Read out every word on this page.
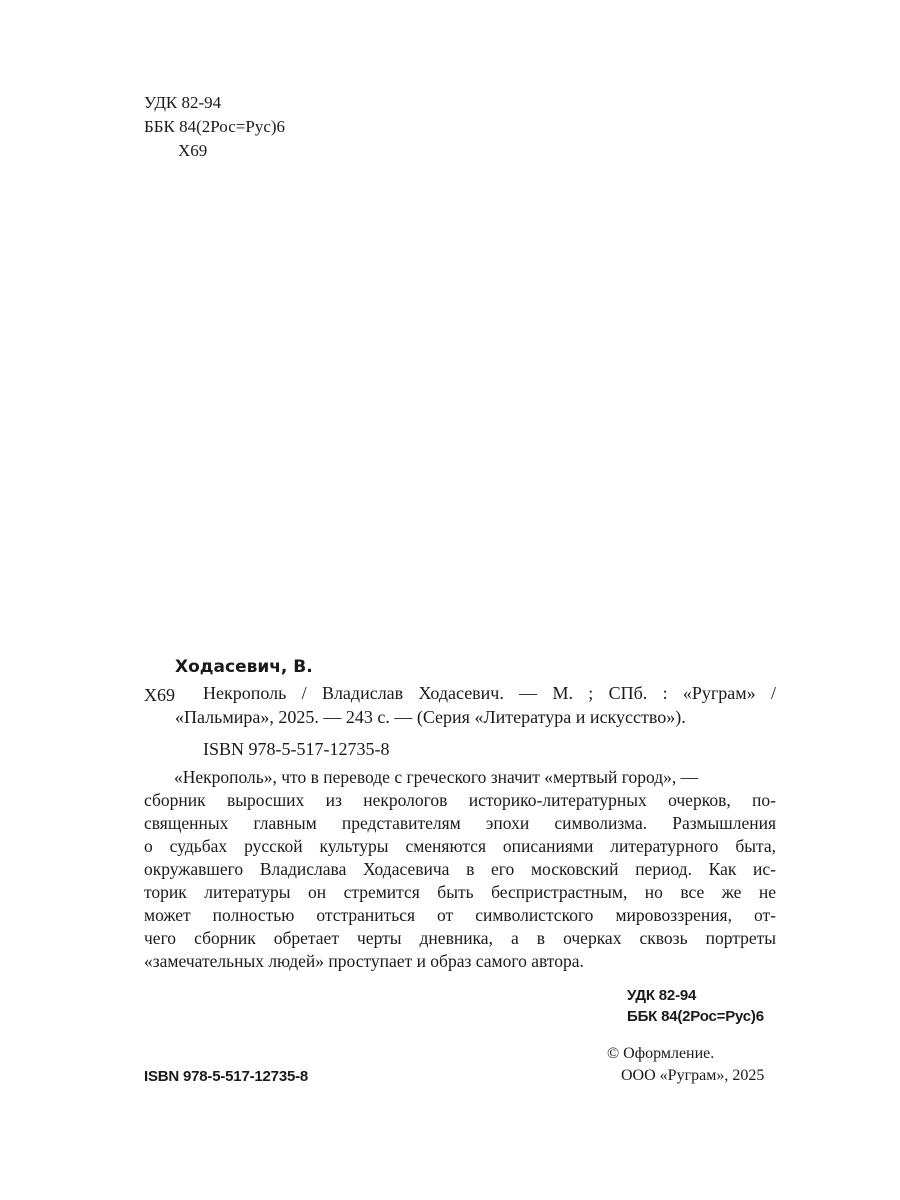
УДК 82-94
ББК 84(2Рос=Рус)6
Х69
Ходасевич, В.
Х69 Некрополь / Владислав Ходасевич. — М. ; СПб. : «Руграм» /
«Пальмира», 2025. — 243 с. — (Серия «Литература и искусство»).
ISBN 978-5-517-12735-8
«Некрополь», что в переводе с греческого значит «мертвый город», —
сборник выросших из некрологов историко-литературных очерков, по-
священных главным представителям эпохи символизма. Размышления
о судьбах русской культуры сменяются описаниями литературного быта,
окружавшего Владислава Ходасевича в его московский период. Как ис-
торик литературы он стремится быть беспристрастным, но все же не
может полностью отстраниться от символистского мировоззрения, от-
чего сборник обретает черты дневника, а в очерках сквозь портреты
«замечательных людей» проступает и образ самого автора.
УДК 82-94
ББК 84(2Рос=Рус)6
ISBN 978-5-517-12735-8
© Оформление.
ООО «Руграм», 2025
